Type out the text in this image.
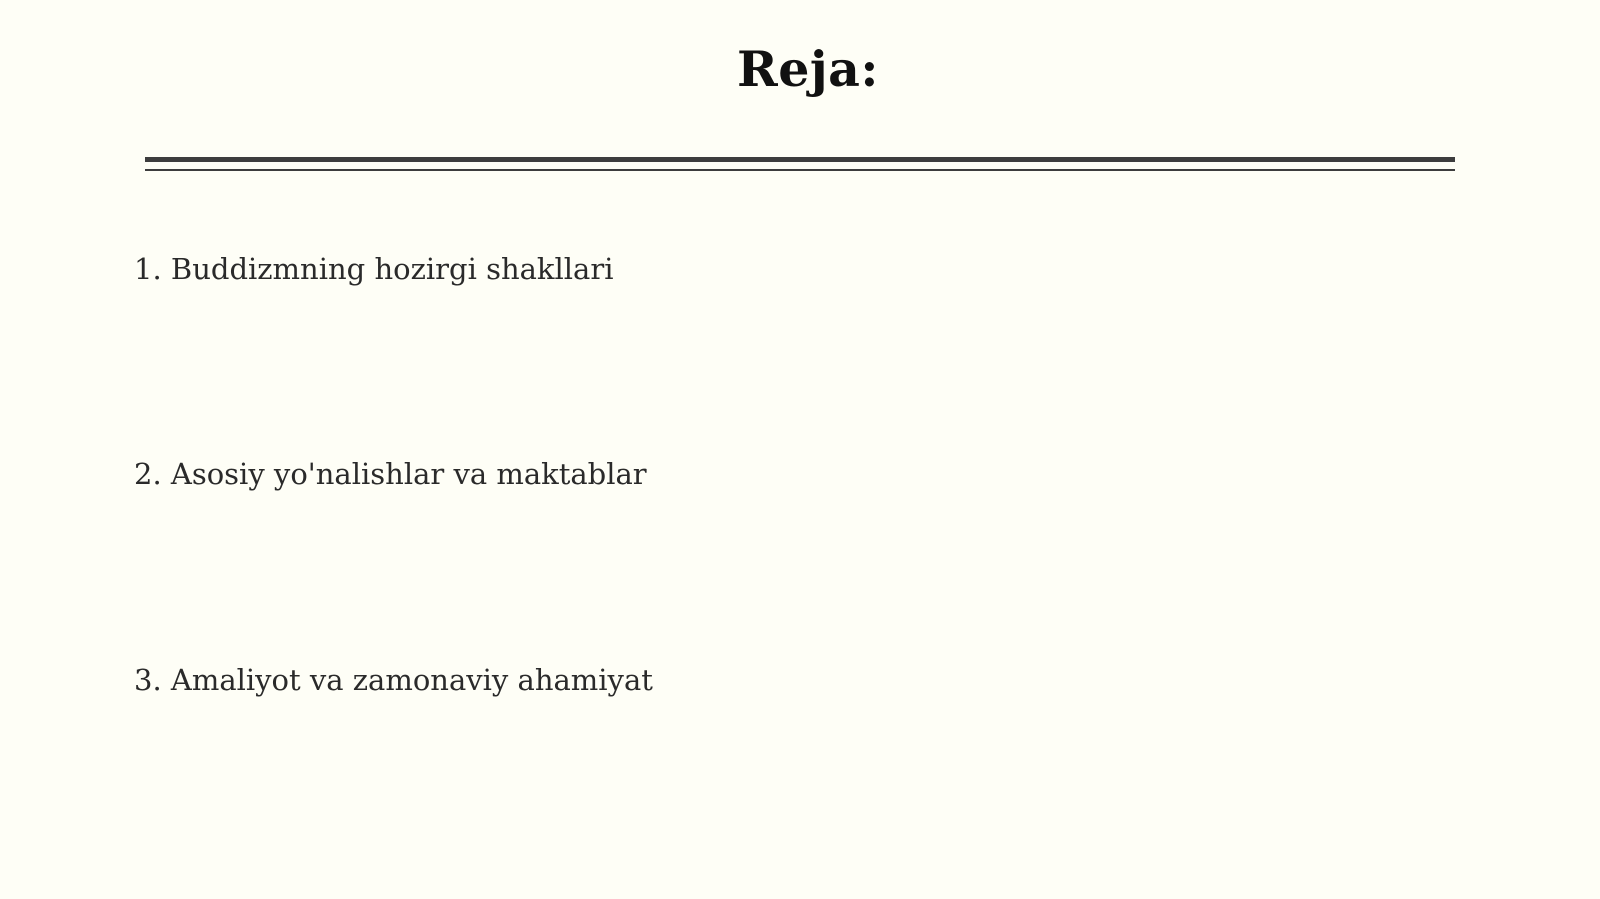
Reja:
1. Buddizmning hozirgi shakllari
2. Asosiy yo'nalishlar va maktablar
3. Amaliyot va zamonaviy ahamiyat
